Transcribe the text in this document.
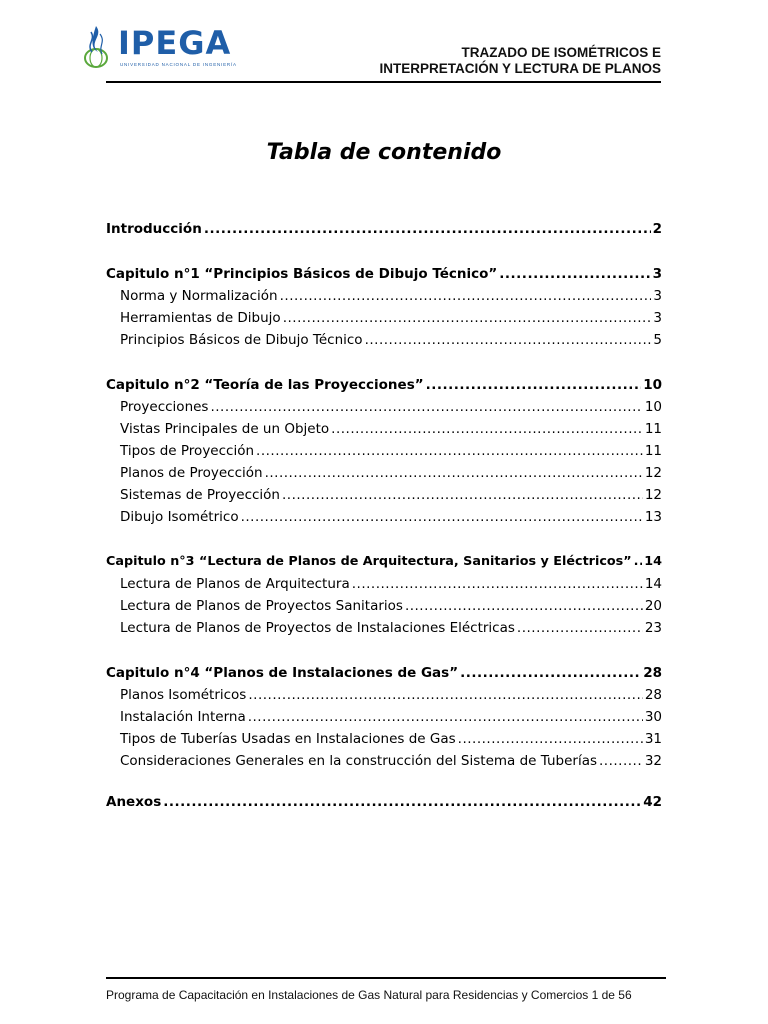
IPEGA
UNIVERSIDAD NACIONAL DE INGENIERÍA
TRAZADO DE ISOMÉTRICOS E
INTERPRETACIÓN Y LECTURA DE PLANOS
Tabla de contenido
Introducción .....	2
Capitulo n°1 “Principios Básicos de Dibujo Técnico” .....	3
Norma y Normalización .....	3
Herramientas de Dibujo .....	3
Principios Básicos de Dibujo Técnico .....	5
Capitulo n°2 “Teoría de las Proyecciones” .....	10
Proyecciones .....	10
Vistas Principales de un Objeto .....	11
Tipos de Proyección .....	11
Planos de Proyección .....	12
Sistemas de Proyección .....	12
Dibujo Isométrico .....	13
Capitulo n°3 “Lectura de Planos de Arquitectura, Sanitarios y Eléctricos” ..... 14
Lectura de Planos de Arquitectura .....	14
Lectura de Planos de Proyectos Sanitarios .....	20
Lectura de Planos de Proyectos de Instalaciones Eléctricas .....	23
Capitulo n°4 “Planos de Instalaciones de Gas” .....	28
Planos Isométricos .....	28
Instalación Interna .....	30
Tipos de Tuberías Usadas en Instalaciones de Gas .....	31
Consideraciones Generales en la construcción del Sistema de Tuberías .....	32
Anexos .....	42
Programa de Capacitación en Instalaciones de Gas Natural para Residencias y Comercios 1 de 56
